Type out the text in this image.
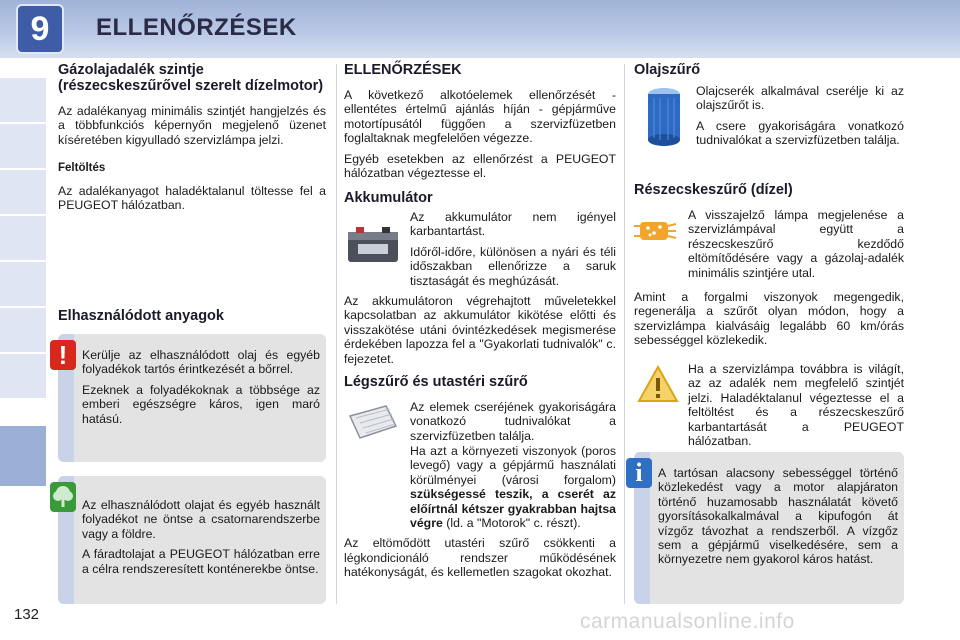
9	ELLENŐRZÉSEK
132
Gázolajadalék szintje (részecskeszűrővel szerelt dízelmotor)

Az adalékanyag minimális szintjét hangjelzés és a többfunkciós képernyőn megjelenő üzenet kíséretében kigyulladó szervizlámpa jelzi.

Feltöltés

Az adalékanyagot haladéktalanul töltesse fel a PEUGEOT hálózatban.

Elhasználódott anyagok

Kerülje az elhasználódott olaj és egyéb folyadékok tartós érintkezését a bőrrel.

Ezeknek a folyadékoknak a többsége az emberi egészségre káros, igen maró hatású.

!

Az elhasználódott olajat és egyéb használt folyadékot ne öntse a csatornarendszerbe vagy a földre.

A fáradtolajat a PEUGEOT hálózatban erre a célra rendszeresített konténerekbe öntse.

ELLENŐRZÉSEK

A következő alkotóelemek ellenőrzését - ellentétes értelmű ajánlás híján - gépjárműve motortípusától függően a szervizfüzetben foglaltaknak megfelelően végezze.

Egyéb esetekben az ellenőrzést a PEUGEOT hálózatban végeztesse el.

Akkumulátor

Az akkumulátor nem igényel karbantartást.

Időről-időre, különösen a nyári és téli időszakban ellenőrizze a saruk tisztaságát és meghúzását.

Az akkumulátoron végrehajtott műveletekkel kapcsolatban az akkumulátor kikötése előtti és visszakötése utáni óvintézkedések megismerése érdekében lapozza fel a "Gyakorlati tudnivalók" c. fejezetet.

Légszűrő és utastéri szűrő

Az elemek cseréjének gyakoriságára vonatkozó tudnivalókat a szervizfüzetben találja.

Ha azt a környezeti viszonyok (poros levegő) vagy a gépjármű használati körülményei (városi forgalom) szükségessé teszik, a cserét az előírtnál kétszer gyakrabban hajtsa végre (ld. a "Motorok" c. részt).

Az eltömődött utastéri szűrő csökkenti a légkondicionáló rendszer működésének hatékonyságát, és kellemetlen szagokat okozhat.

Olajszűrő

Olajcserék alkalmával cserélje ki az olajszűrőt is.

A csere gyakoriságára vonatkozó tudnivalókat a szervizfüzetben találja.

Részecskeszűrő (dízel)

A visszajelző lámpa megjelenése a szervizlámpával együtt a részecskeszűrő kezdődő eltömítődésére vagy a gázolaj-adalék minimális szintjére utal.

Amint a forgalmi viszonyok megengedik, regenerálja a szűrőt olyan módon, hogy a szervizlámpa kialvásáig legalább 60 km/órás sebességgel közlekedik.

Ha a szervizlámpa továbbra is világít, az az adalék nem megfelelő szintjét jelzi. Haladéktalanul végeztesse el a feltöltést és a részecskeszűrő karbantartását a PEUGEOT hálózatban.

A tartósan alacsony sebességgel történő közlekedést vagy a motor alapjáraton történő huzamosabb használatát követő gyorsításokalkalmával a kipufogón át vízgőz távozhat a rendszerből. A vízgőz sem a gépjármű viselkedésére, sem a környezetre nem gyakorol káros hatást.

i
carmanualsonline.info
